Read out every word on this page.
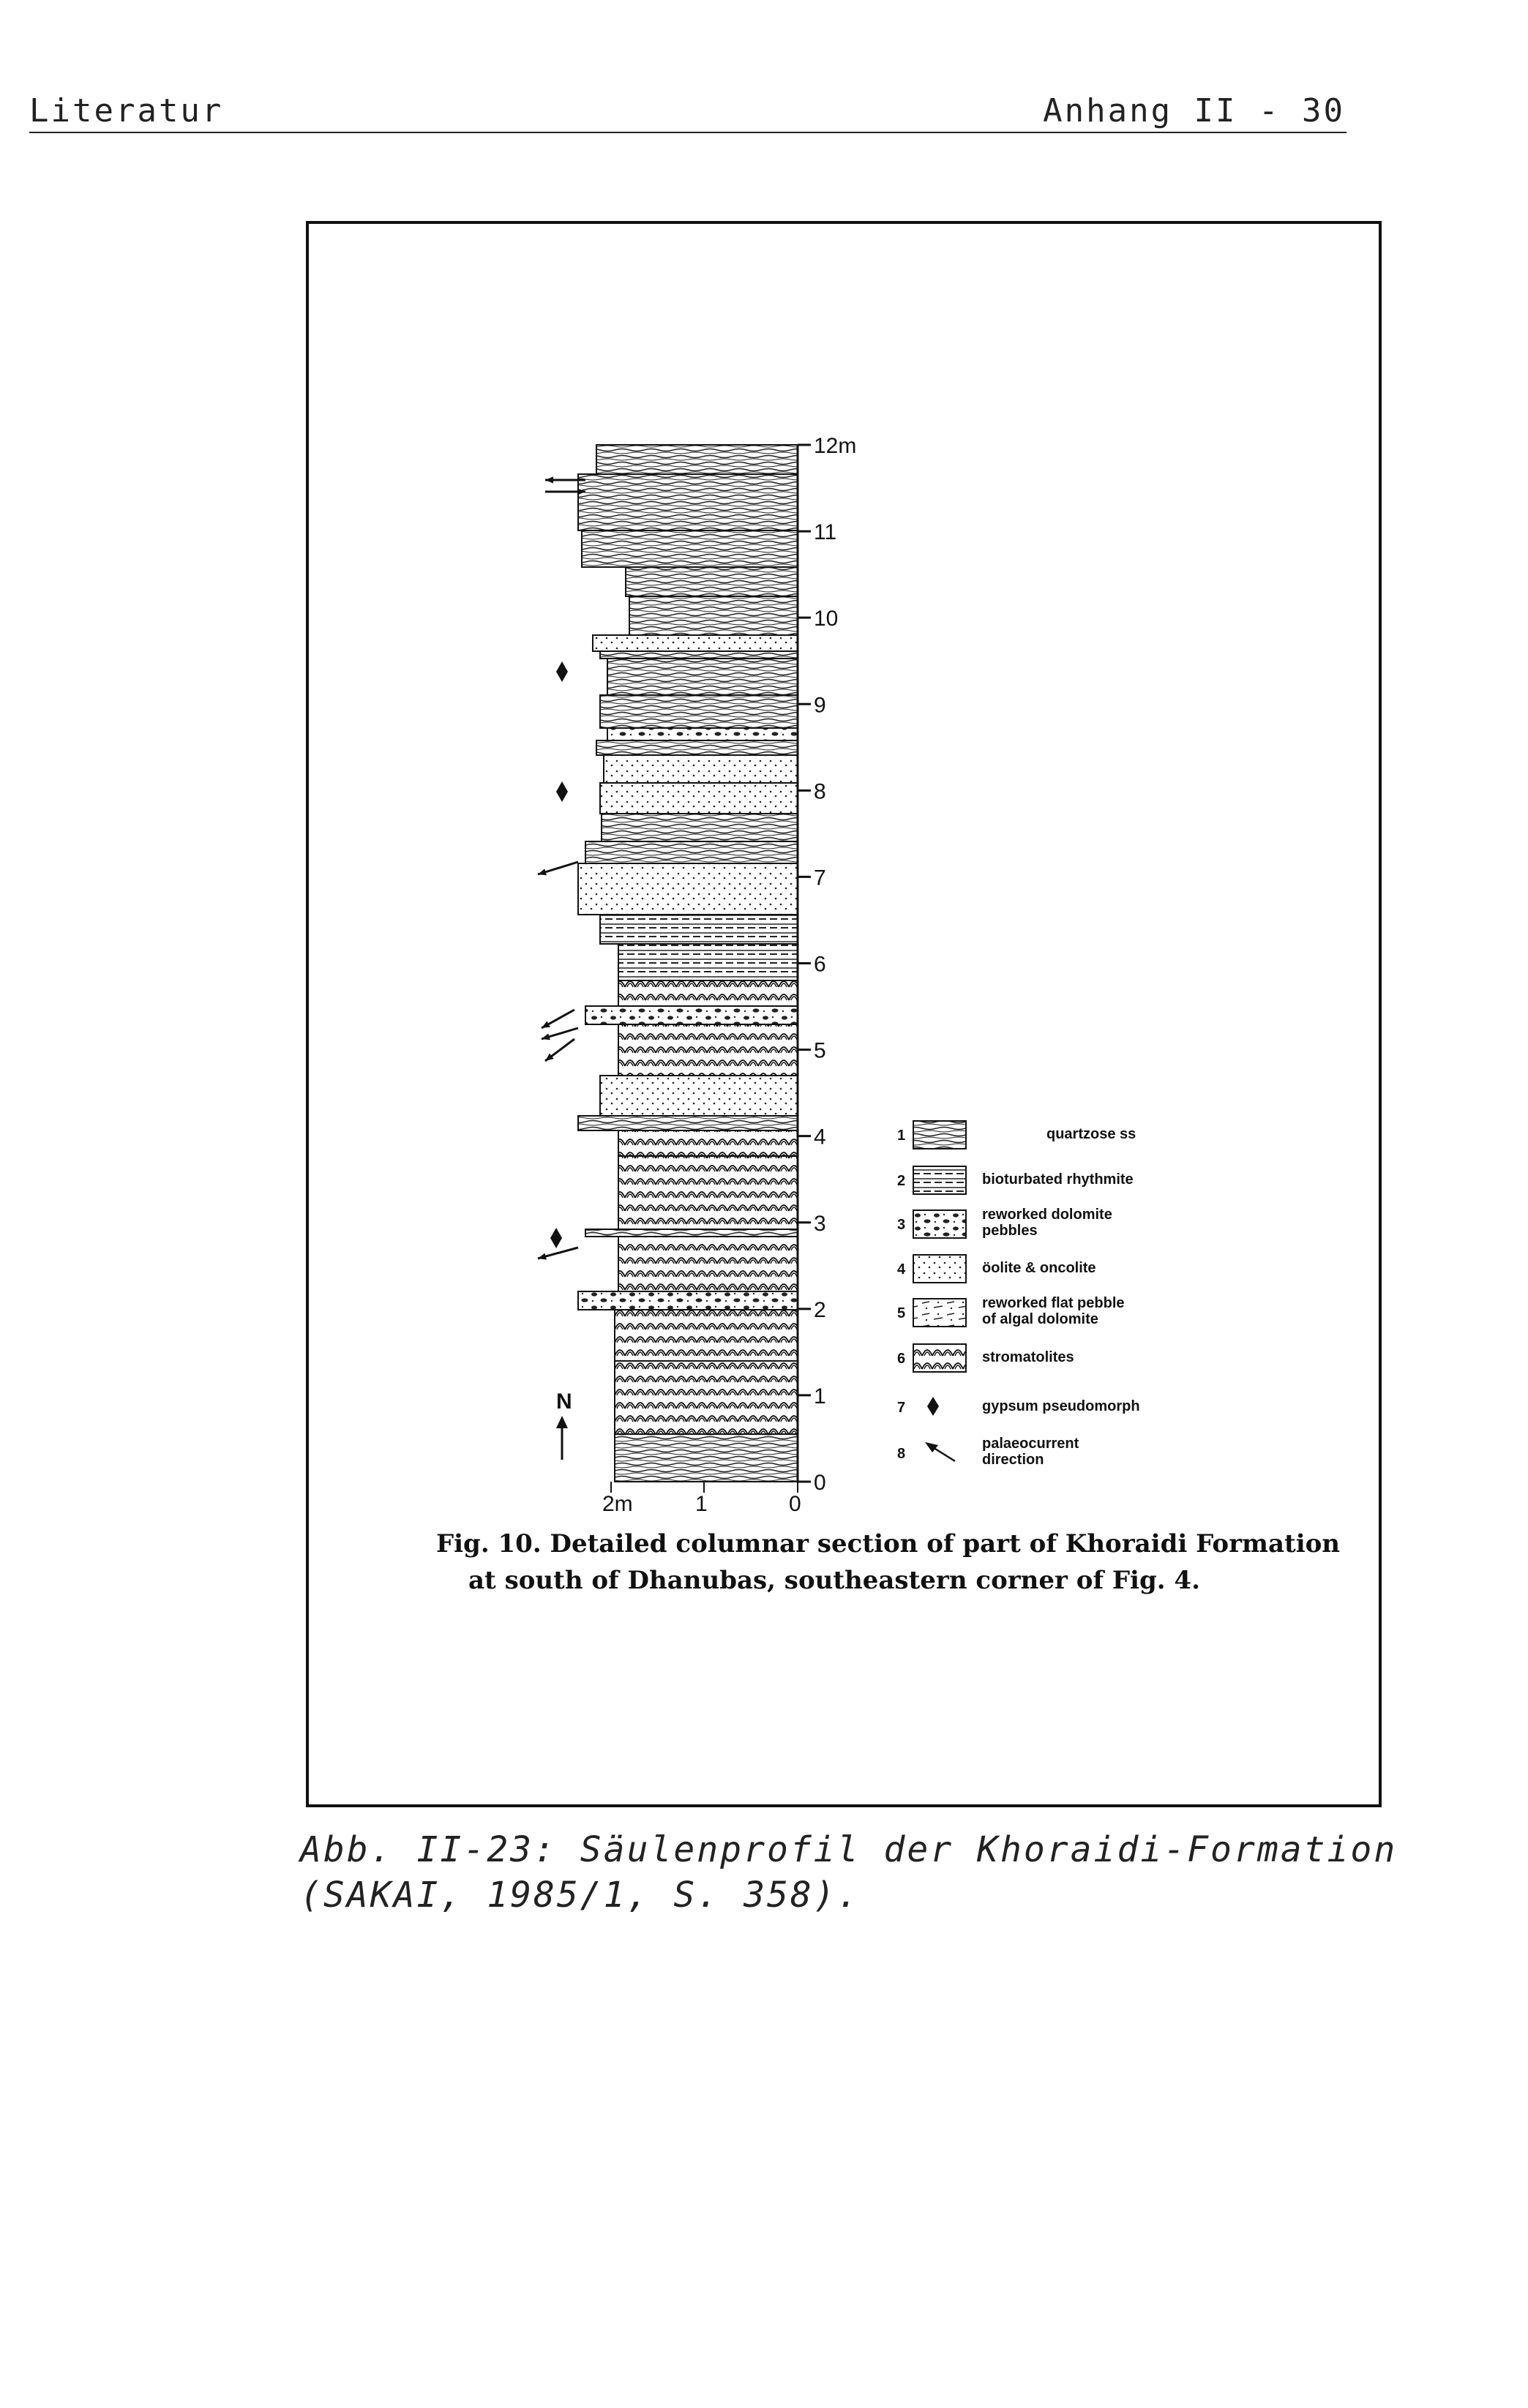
Literatur	Anhang II - 30
12m
11
10
9
8
7
6
5
4
3
2
1
0
2m	1	0
N
1	quartzose ss
2	bioturbated rhythmite
3
reworked dolomite
pebbles
4	öolite & oncolite
5
reworked flat pebble
of algal dolomite
6	stromatolites
7	gypsum pseudomorph
8
palaeocurrent
direction
Fig. 10. Detailed columnar section of part of Khoraidi Formation
at south of Dhanubas, southeastern corner of Fig. 4.
Abb. II-23: Säulenprofil der Khoraidi-Formation
(SAKAI, 1985/1, S. 358).
